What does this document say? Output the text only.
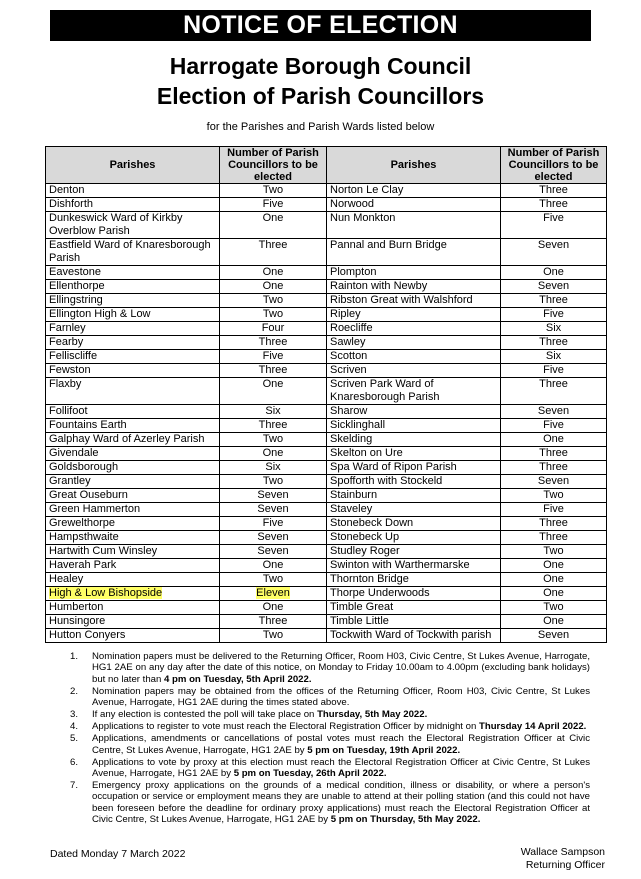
NOTICE OF ELECTION
Harrogate Borough Council
Election of Parish Councillors
for the Parishes and Parish Wards listed below
Parishes	Number of Parish Councillors to be elected	Parishes	Number of Parish Councillors to be elected
Denton	Two	Norton Le Clay	Three
Dishforth	Five	Norwood	Three
Dunkeswick Ward of Kirkby Overblow Parish	One	Nun Monkton	Five
Eastfield Ward of Knaresborough Parish	Three	Pannal and Burn Bridge	Seven
Eavestone	One	Plompton	One
Ellenthorpe	One	Rainton with Newby	Seven
Ellingstring	Two	Ribston Great with Walshford	Three
Ellington High & Low	Two	Ripley	Five
Farnley	Four	Roecliffe	Six
Fearby	Three	Sawley	Three
Felliscliffe	Five	Scotton	Six
Fewston	Three	Scriven	Five
Flaxby	One	Scriven Park Ward of Knaresborough Parish	Three
Follifoot	Six	Sharow	Seven
Fountains Earth	Three	Sicklinghall	Five
Galphay Ward of Azerley Parish	Two	Skelding	One
Givendale	One	Skelton on Ure	Three
Goldsborough	Six	Spa Ward of Ripon Parish	Three
Grantley	Two	Spofforth with Stockeld	Seven
Great Ouseburn	Seven	Stainburn	Two
Green Hammerton	Seven	Staveley	Five
Grewelthorpe	Five	Stonebeck Down	Three
Hampsthwaite	Seven	Stonebeck Up	Three
Hartwith Cum Winsley	Seven	Studley Roger	Two
Haverah Park	One	Swinton with Warthermarske	One
Healey	Two	Thornton Bridge	One
High & Low Bishopside	Eleven	Thorpe Underwoods	One
Humberton	One	Timble Great	Two
Hunsingore	Three	Timble Little	One
Hutton Conyers	Two	Tockwith Ward of Tockwith parish	Seven
1.	Nomination papers must be delivered to the Returning Officer, Room H03, Civic Centre, St Lukes Avenue, Harrogate, HG1 2AE on any day after the date of this notice, on Monday to Friday 10.00am to 4.00pm (excluding bank holidays) but no later than 4 pm on Tuesday, 5th April 2022.
2.	Nomination papers may be obtained from the offices of the Returning Officer, Room H03, Civic Centre, St Lukes Avenue, Harrogate, HG1 2AE during the times stated above.
3.	If any election is contested the poll will take place on Thursday, 5th May 2022.
4.	Applications to register to vote must reach the Electoral Registration Officer by midnight on Thursday 14 April 2022.
5.	Applications, amendments or cancellations of postal votes must reach the Electoral Registration Officer at Civic Centre, St Lukes Avenue, Harrogate, HG1 2AE by 5 pm on Tuesday, 19th April 2022.
6.	Applications to vote by proxy at this election must reach the Electoral Registration Officer at Civic Centre, St Lukes Avenue, Harrogate, HG1 2AE by 5 pm on Tuesday, 26th April 2022.
7.	Emergency proxy applications on the grounds of a medical condition, illness or disability, or where a person's occupation or service or employment means they are unable to attend at their polling station (and this could not have been foreseen before the deadline for ordinary proxy applications) must reach the Electoral Registration Officer at Civic Centre, St Lukes Avenue, Harrogate, HG1 2AE by 5 pm on Thursday, 5th May 2022.
Dated Monday 7 March 2022	Wallace Sampson
Returning Officer
